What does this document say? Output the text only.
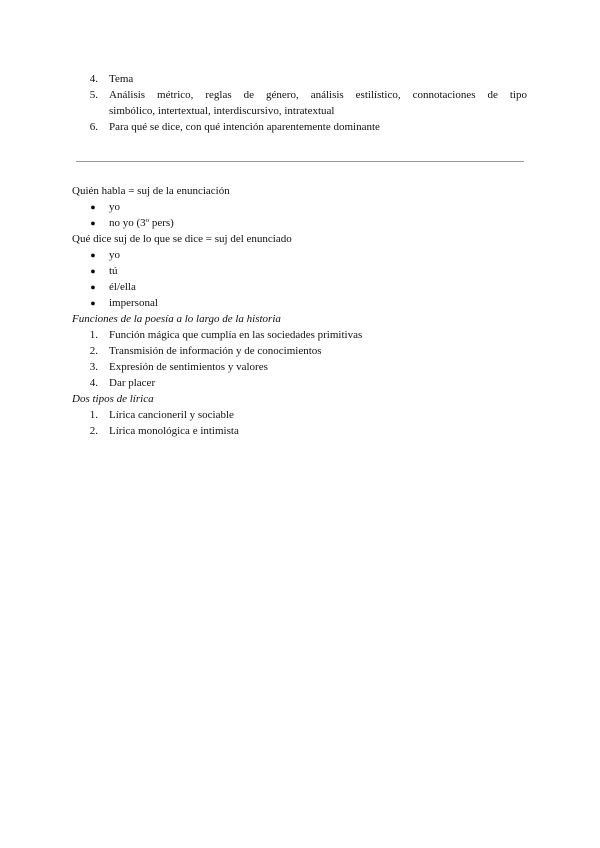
4. Tema
5. Análisis métrico, reglas de género, análisis estilístico, connotaciones de tipo
simbólico, intertextual, interdiscursivo, intratextual
6. Para qué se dice, con qué intención aparentemente dominante
Quién habla = suj de la enunciación
● yo
● no yo (3º pers)
Qué dice suj de lo que se dice = suj del enunciado
● yo
● tú
● él/ella
● impersonal
Funciones de la poesía a lo largo de la historia
1. Función mágica que cumplía en las sociedades primitivas
2. Transmisión de información y de conocimientos
3. Expresión de sentimientos y valores
4. Dar placer
Dos tipos de lírica
1. Lírica cancioneril y sociable
2. Lírica monológica e intimista
